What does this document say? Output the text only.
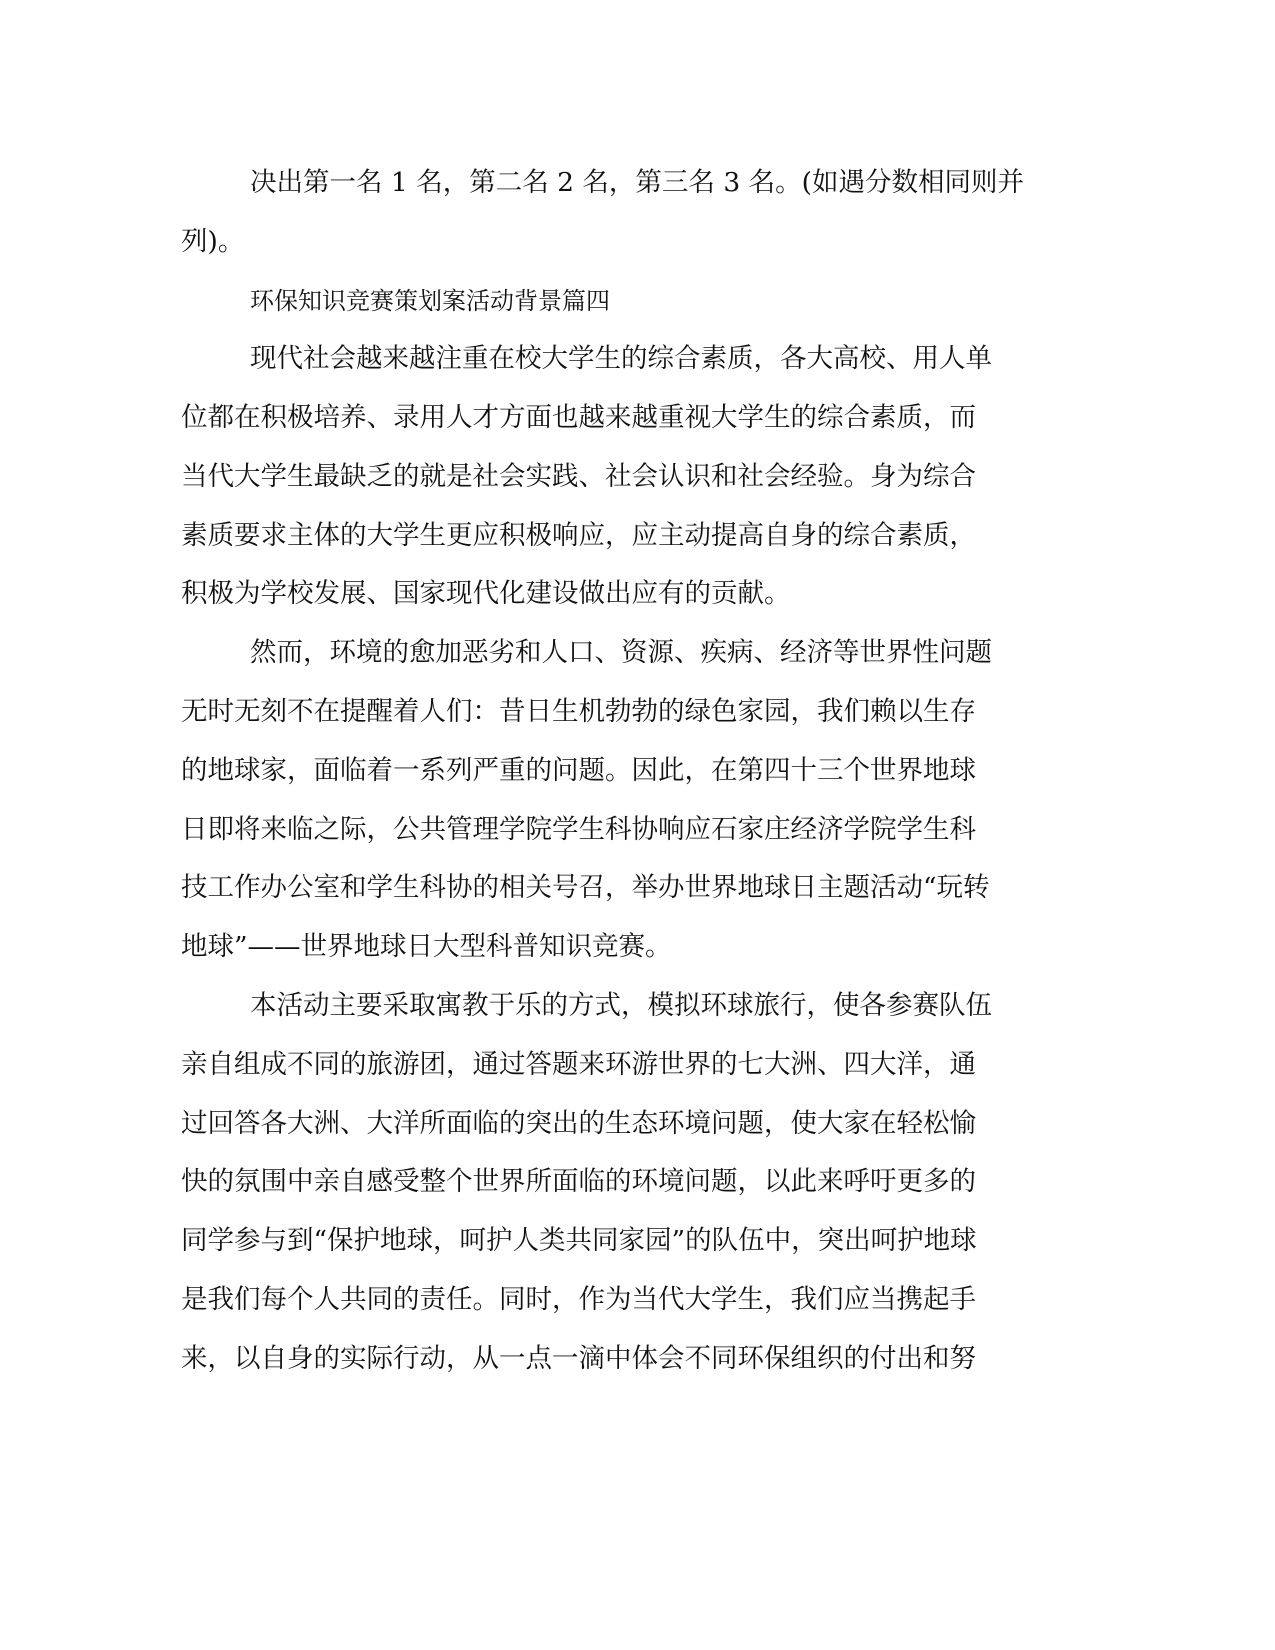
决出第一名 1 名，第二名 2 名，第三名 3 名。(如遇分数相同则并
列)。
环保知识竞赛策划案活动背景篇四
现代社会越来越注重在校大学生的综合素质，各大高校、用人单
位都在积极培养、录用人才方面也越来越重视大学生的综合素质，而
当代大学生最缺乏的就是社会实践、社会认识和社会经验。身为综合
素质要求主体的大学生更应积极响应，应主动提高自身的综合素质，
积极为学校发展、国家现代化建设做出应有的贡献。
然而，环境的愈加恶劣和人口、资源、疾病、经济等世界性问题
无时无刻不在提醒着人们：昔日生机勃勃的绿色家园，我们赖以生存
的地球家，面临着一系列严重的问题。因此，在第四十三个世界地球
日即将来临之际，公共管理学院学生科协响应石家庄经济学院学生科
技工作办公室和学生科协的相关号召，举办世界地球日主题活动“玩转
地球”——世界地球日大型科普知识竞赛。
本活动主要采取寓教于乐的方式，模拟环球旅行，使各参赛队伍
亲自组成不同的旅游团，通过答题来环游世界的七大洲、四大洋，通
过回答各大洲、大洋所面临的突出的生态环境问题，使大家在轻松愉
快的氛围中亲自感受整个世界所面临的环境问题，以此来呼吁更多的
同学参与到“保护地球，呵护人类共同家园”的队伍中，突出呵护地球
是我们每个人共同的责任。同时，作为当代大学生，我们应当携起手
来，以自身的实际行动，从一点一滴中体会不同环保组织的付出和努
